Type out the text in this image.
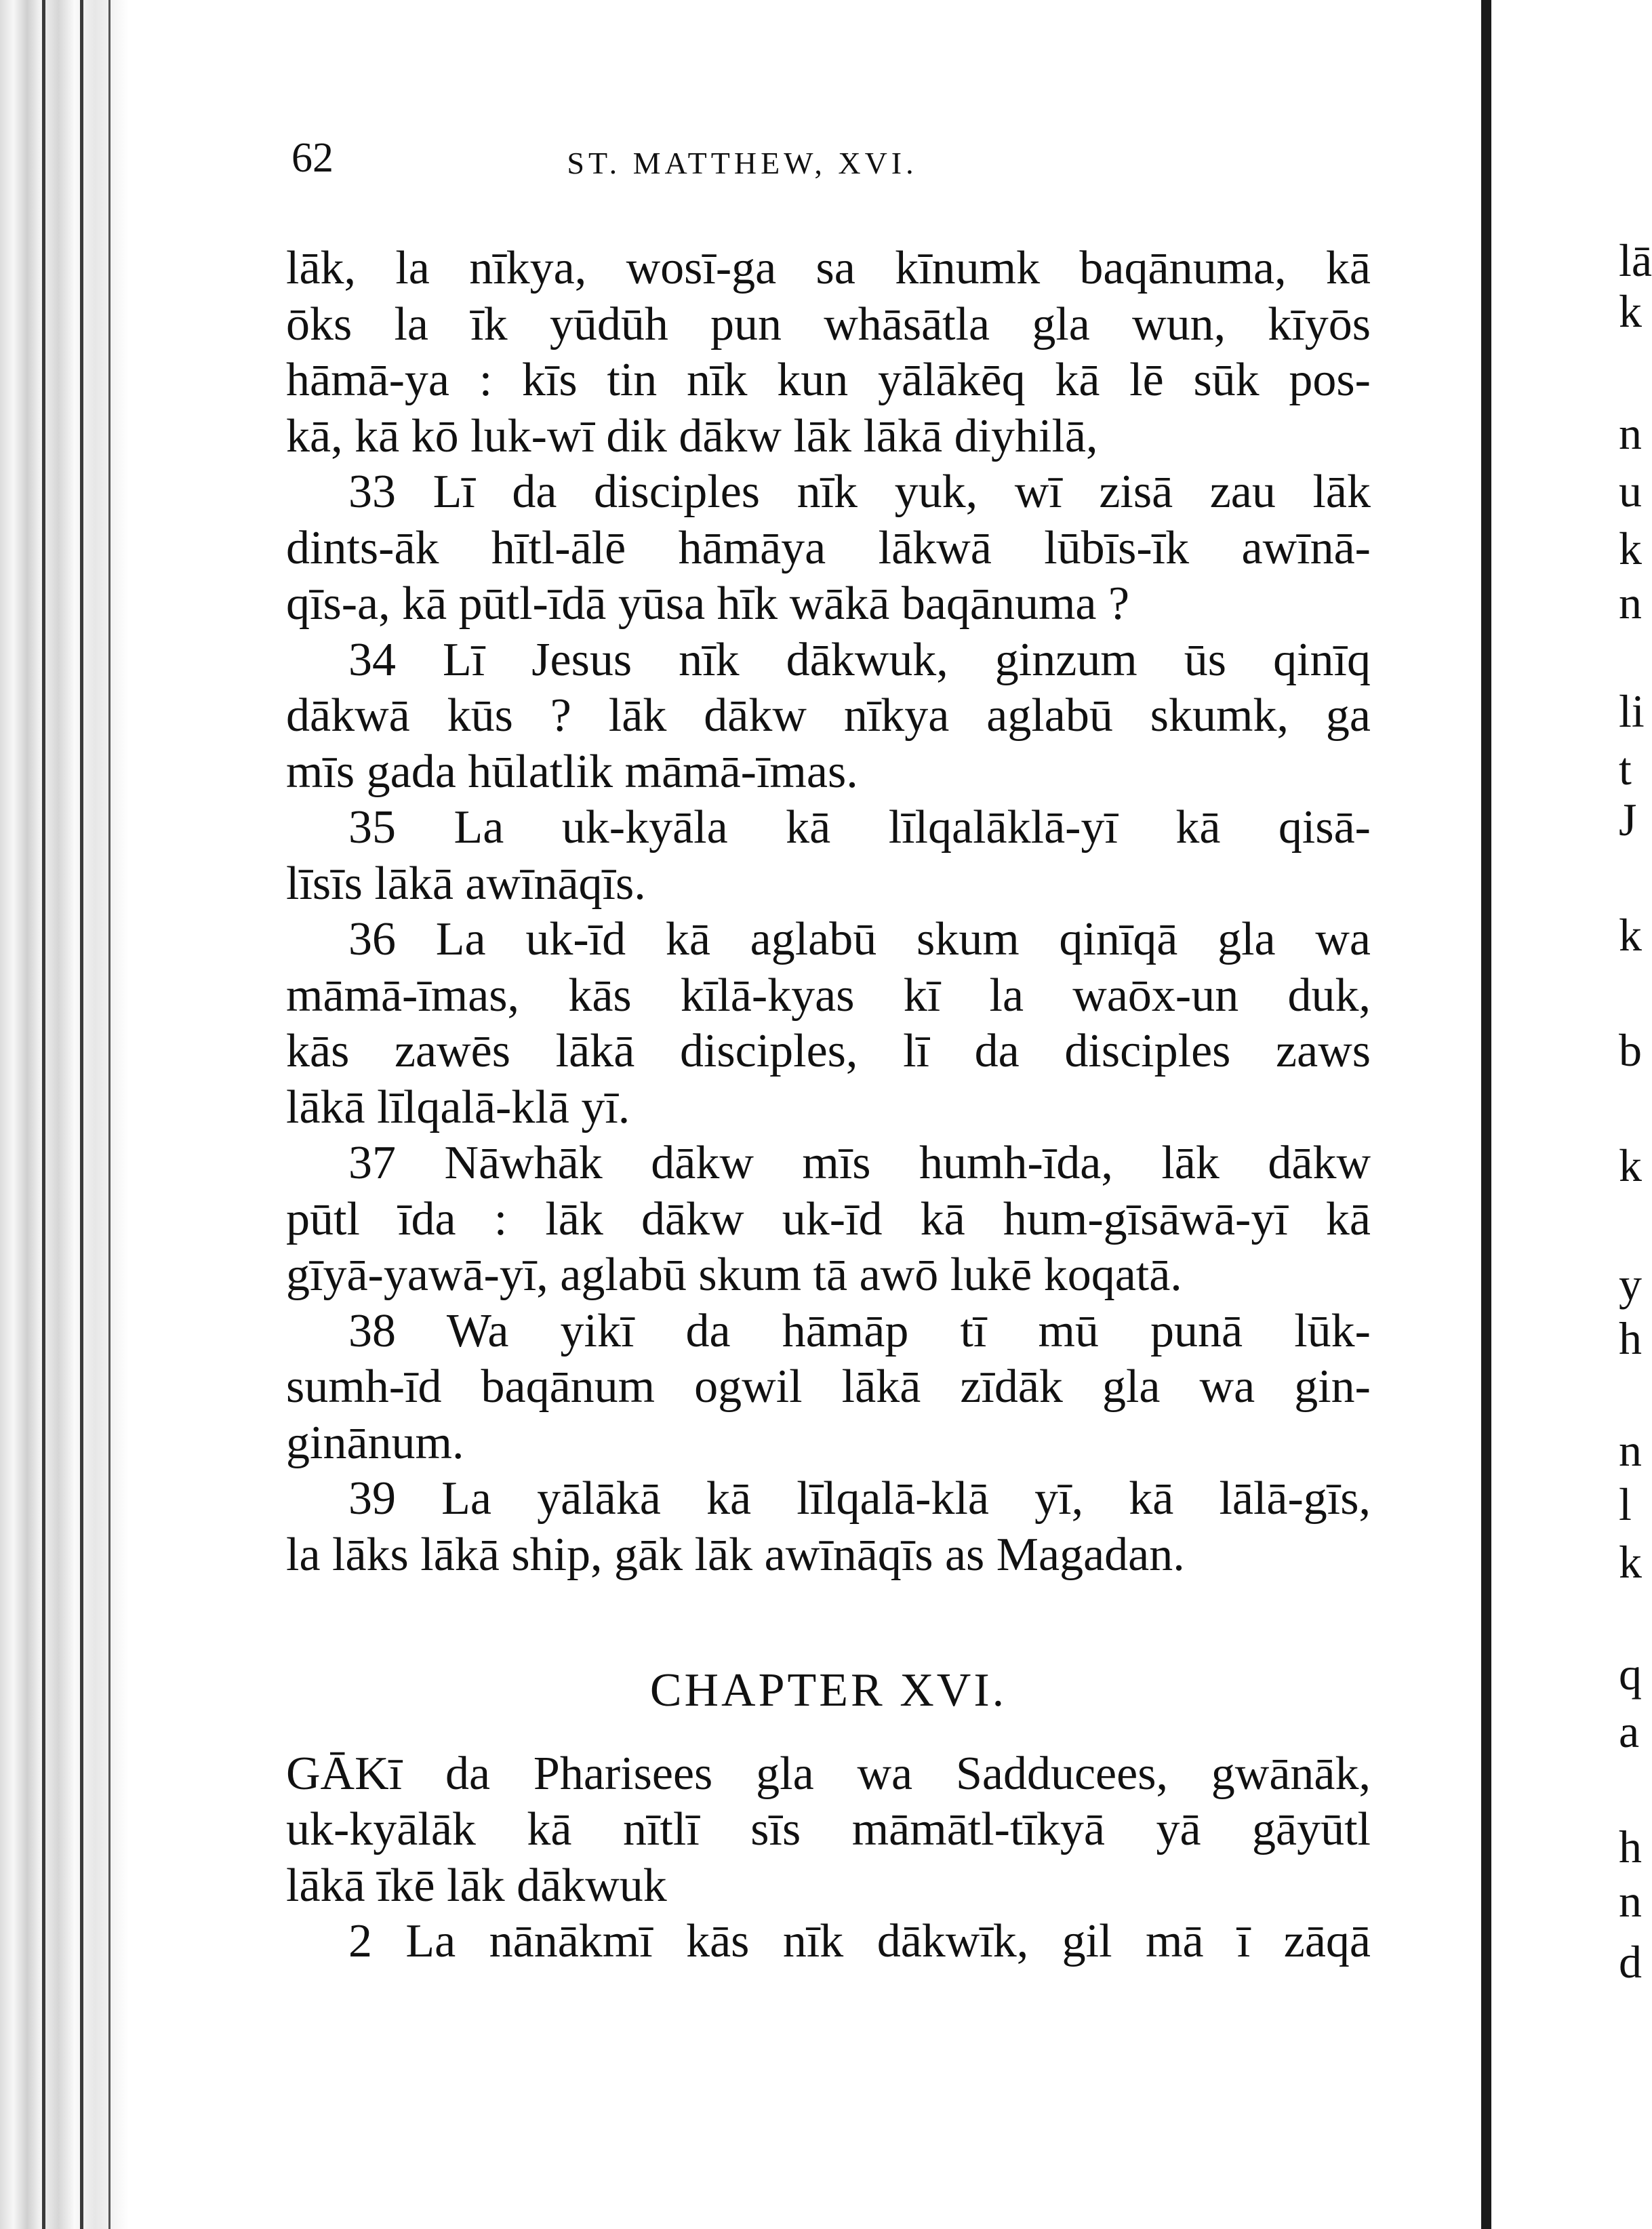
62	ST. MATTHEW, XVI.
lāk, la nīkya, wosī-ga sa kīnumk baqānuma, kā
ōks la īk yūdūh pun whāsātla gla wun, kīyōs
hāmā-ya : kīs tin nīk kun yālākēq kā lē sūk pos-
kā, kā kō luk-wī dik dākw lāk lākā diyhilā,
33 Lī da disciples nīk yuk, wī zisā zau lāk
dints-āk hītl-ālē hāmāya lākwā lūbīs-īk awīnā-
qīs-a, kā pūtl-īdā yūsa hīk wākā baqānuma ?
34 Lī Jesus nīk dākwuk, ginzum ūs qinīq
dākwā kūs ? lāk dākw nīkya aglabū skumk, ga
mīs gada hūlatlik māmā-īmas.
35 La uk-kyāla kā līlqalāklā-yī kā qisā-
līsīs lākā awīnāqīs.
36 La uk-īd kā aglabū skum qinīqā gla wa
māmā-īmas, kās kīlā-kyas kī la waōx-un duk,
kās zawēs lākā disciples, lī da disciples zaws
lākā līlqalā-klā yī.
37 Nāwhāk dākw mīs humh-īda, lāk dākw
pūtl īda : lāk dākw uk-īd kā hum-gīsāwā-yī kā
gīyā-yawā-yī, aglabū skum tā awō lukē koqatā.
38 Wa yikī da hāmāp tī mū punā lūk-
sumh-īd baqānum ogwil lākā zīdāk gla wa gin-
ginānum.
39 La yālākā kā līlqalā-klā yī, kā lālā-gīs,
la lāks lākā ship, gāk lāk awīnāqīs as Magadan.
CHAPTER XVI.
GĀKī da Pharisees gla wa Sadducees, gwānāk,
uk-kyālāk kā nītlī sīs māmātl-tīkyā yā gāyūtl
lākā īkē lāk dākwuk
2 La nānākmī kās nīk dākwīk, gil mā ī zāqā
lā
k
n
u
k
n
li
t
J
k
b
k
y
h
n
l
k
q
a
h
n
d
